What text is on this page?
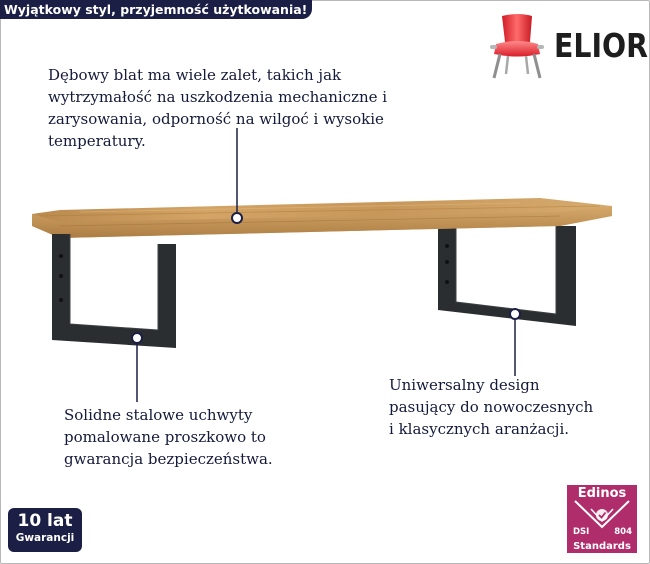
Wyjątkowy styl, przyjemność użytkowania!
ELIOR
Dębowy blat ma wiele zalet, takich jak
wytrzymałość na uszkodzenia mechaniczne i
zarysowania, odporność na wilgoć i wysokie
temperatury.
Solidne stalowe uchwyty
pomalowane proszkowo to
gwarancja bezpieczeństwa.
Uniwersalny design
pasujący do nowoczesnych
i klasycznych aranżacji.
10 lat
Gwarancji
Edinos
DSI	804
Standards
